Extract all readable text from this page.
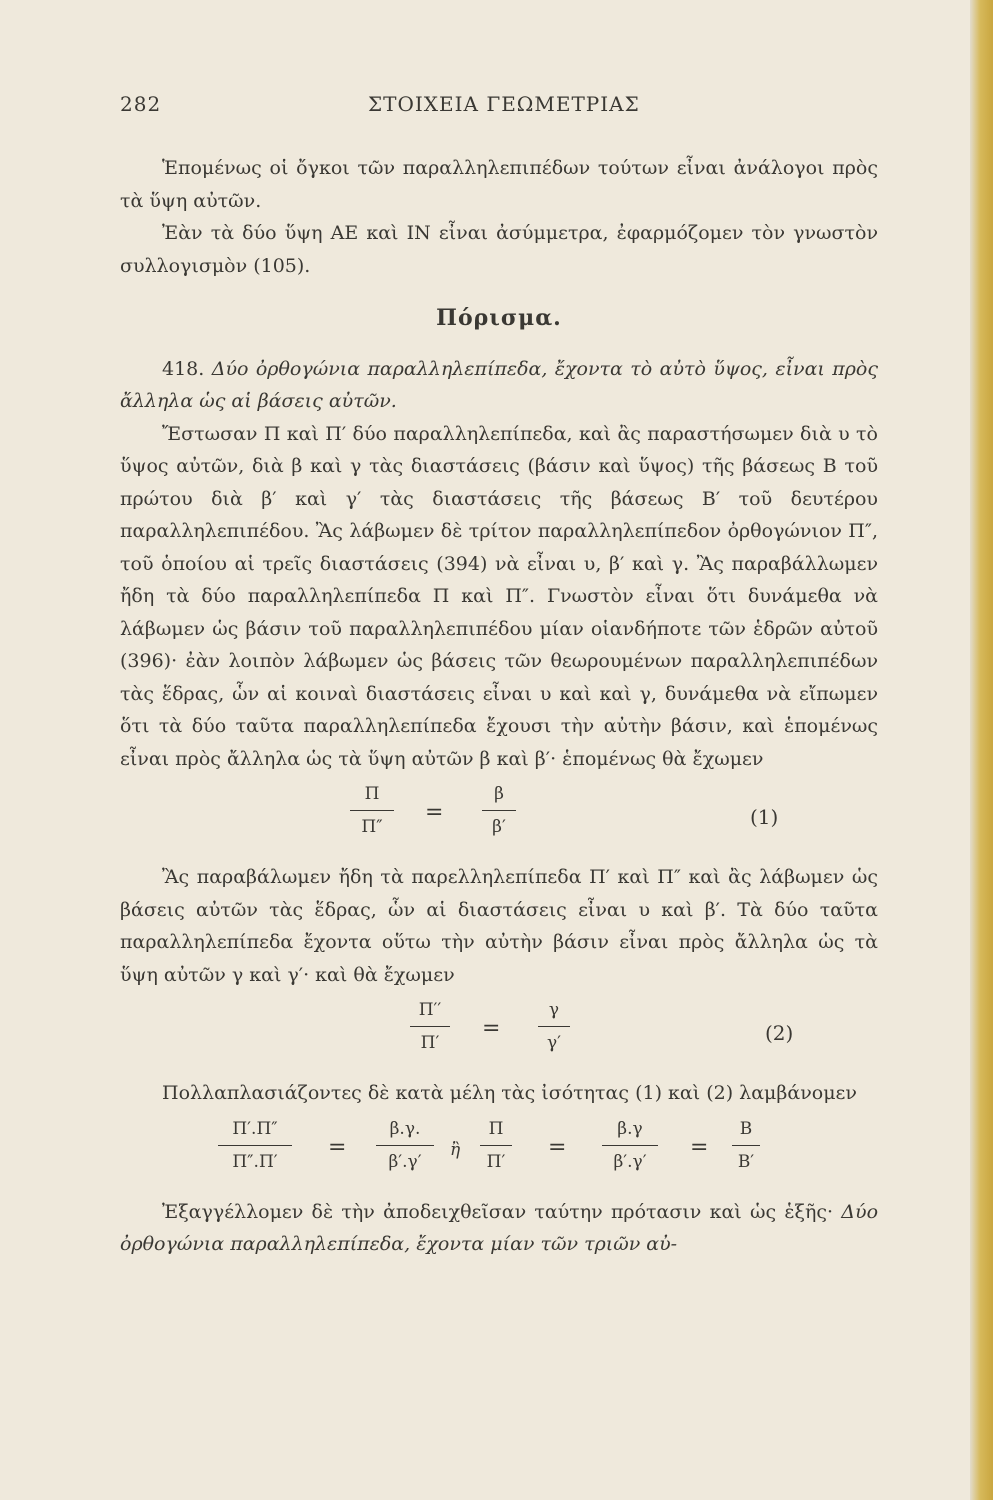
282	ΣΤΟΙΧΕΙΑ ΓΕΩΜΕΤΡΙΑΣ

Ἑπομένως οἱ ὄγκοι τῶν παραλληλεπιπέδων τούτων εἶναι ἀνάλογοι πρὸς τὰ ὕψη αὐτῶν.

Ἐὰν τὰ δύο ὕψη ΑΕ καὶ ΙΝ εἶναι ἀσύμμετρα, ἐφαρμόζομεν τὸν γνωστὸν συλλογισμὸν (105).

Πόρισμα.

418. Δύο ὀρθογώνια παραλληλεπίπεδα, ἔχοντα τὸ αὐτὸ ὕψος, εἶναι πρὸς ἄλληλα ὡς αἱ βάσεις αὐτῶν.

Ἔστωσαν Π καὶ Π′ δύο παραλληλεπίπεδα, καὶ ἂς παραστήσωμεν διὰ υ τὸ ὕψος αὐτῶν, διὰ β καὶ γ τὰς διαστάσεις (βάσιν καὶ ὕψος) τῆς βάσεως Β τοῦ πρώτου διὰ β′ καὶ γ′ τὰς διαστάσεις τῆς βάσεως Β′ τοῦ δευτέρου παραλληλεπιπέδου. Ἂς λάβωμεν δὲ τρίτον παραλληλεπίπεδον ὀρθογώνιον Π″, τοῦ ὁποίου αἱ τρεῖς διαστάσεις (394) νὰ εἶναι υ, β′ καὶ γ. Ἂς παραβάλλωμεν ἤδη τὰ δύο παραλληλεπίπεδα Π καὶ Π″. Γνωστὸν εἶναι ὅτι δυνάμεθα νὰ λάβωμεν ὡς βάσιν τοῦ παραλληλεπιπέδου μίαν οἱανδήποτε τῶν ἑδρῶν αὐτοῦ (396)· ἐὰν λοιπὸν λάβωμεν ὡς βάσεις τῶν θεωρουμένων παραλληλεπιπέδων τὰς ἕδρας, ὧν αἱ κοιναὶ διαστάσεις εἶναι υ καὶ καὶ γ, δυνάμεθα νὰ εἴπωμεν ὅτι τὰ δύο ταῦτα παραλληλεπίπεδα ἔχουσι τὴν αὐτὴν βάσιν, καὶ ἑπομένως εἶναι πρὸς ἄλληλα ὡς τὰ ὕψη αὐτῶν β καὶ β′· ἑπομένως θὰ ἔχωμεν

Π
Π″
=
β
β′	(1)

Ἂς παραβάλωμεν ἤδη τὰ παρελληλεπίπεδα Π′ καὶ Π″ καὶ ἂς λάβωμεν ὡς βάσεις αὐτῶν τὰς ἕδρας, ὧν αἱ διαστάσεις εἶναι υ καὶ β′. Τὰ δύο ταῦτα παραλληλεπίπεδα ἔχοντα οὕτω τὴν αὐτὴν βάσιν εἶναι πρὸς ἄλληλα ὡς τὰ ὕψη αὐτῶν γ καὶ γ′· καὶ θὰ ἔχωμεν

Π′′
Π′
=
γ
γ′	(2)

Πολλαπλασιάζοντες δὲ κατὰ μέλη τὰς ἰσότητας (1) καὶ (2) λαμβάνομεν

Π′.Π″
Π″.Π′
=
β.γ.
β′.γ′
ἢ
Π
Π′
=
β.γ
β′.γ′
=
Β
Β′

Ἐξαγγέλλομεν δὲ τὴν ἀποδειχθεῖσαν ταύτην πρότασιν καὶ ὡς ἑξῆς· Δύο ὀρθογώνια παραλληλεπίπεδα, ἔχοντα μίαν τῶν τριῶν αὐ-
